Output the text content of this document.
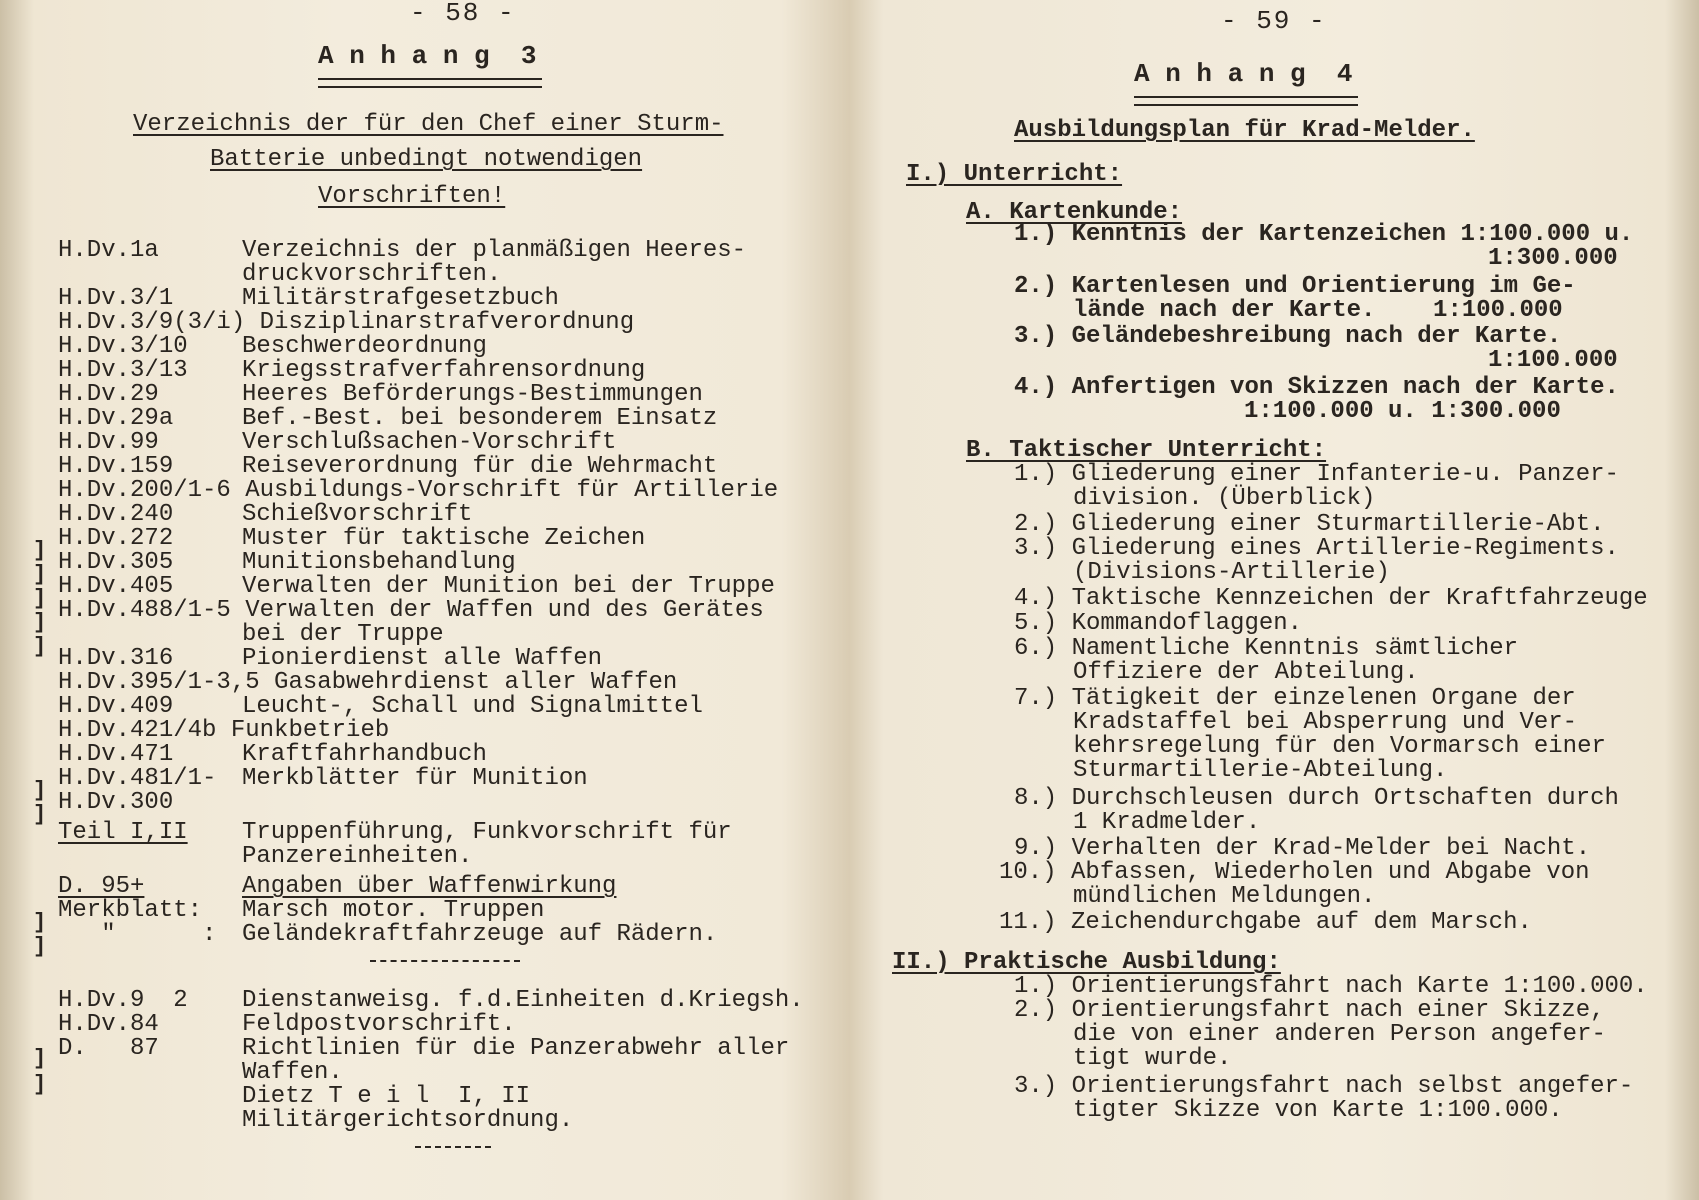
- 58 -
A n h a n g  3
Verzeichnis der für den Chef einer Sturm-
Batterie unbedingt notwendigen
Vorschriften!
H.Dv.1a	Verzeichnis der planmäßigen Heeres-
druckvorschriften.
H.Dv.3/1	Militärstrafgesetzbuch
H.Dv.3/9(3/i) Disziplinarstrafverordnung
H.Dv.3/10 Beschwerdeordnung
H.Dv.3/13 Kriegsstrafverfahrensordnung
H.Dv.29	Heeres Beförderungs-Bestimmungen
H.Dv.29a	Bef.-Best. bei besonderem Einsatz
H.Dv.99	Verschlußsachen-Vorschrift
H.Dv.159	Reiseverordnung für die Wehrmacht
H.Dv.200/1-6 Ausbildungs-Vorschrift für Artillerie
H.Dv.240	Schießvorschrift
H.Dv.272	Muster für taktische Zeichen
H.Dv.305	Munitionsbehandlung
H.Dv.405	Verwalten der Munition bei der Truppe
H.Dv.488/1-5 Verwalten der Waffen und des Gerätes
bei der Truppe
H.Dv.316	Pionierdienst alle Waffen
H.Dv.395/1-3,5 Gasabwehrdienst aller Waffen
H.Dv.409	Leucht-, Schall und Signalmittel
H.Dv.421/4b Funkbetrieb
H.Dv.471	Kraftfahrhandbuch
H.Dv.481/1- Merkblätter für Munition
H.Dv.300
Teil I,II Truppenführung, Funkvorschrift für
Panzereinheiten.
D. 95+	Angaben über Waffenwirkung
Merkblatt: Marsch motor. Truppen
"      : Geländekraftfahrzeuge auf Rädern.
H.Dv.9  2 Dienstanweisg. f.d.Einheiten d.Kriegsh.
H.Dv.84	Feldpostvorschrift.
D.   87	Richtlinien für die Panzerabwehr aller
Waffen.
Dietz T e i l  I, II
Militärgerichtsordnung.
]
]
]
]
]
]
]
]
]
]
]
- 59 -
A n h a n g  4
Ausbildungsplan für Krad-Melder.
I.) Unterricht:
A. Kartenkunde:
1.) Kenntnis der Kartenzeichen 1:100.000 u.
1:300.000
2.) Kartenlesen und Orientierung im Ge-
lände nach der Karte.    1:100.000
3.) Geländebeshreibung nach der Karte.
1:100.000
4.) Anfertigen von Skizzen nach der Karte.
1:100.000 u. 1:300.000
B. Taktischer Unterricht:
1.) Gliederung einer Infanterie-u. Panzer-
division. (Überblick)
2.) Gliederung einer Sturmartillerie-Abt.
3.) Gliederung eines Artillerie-Regiments.
(Divisions-Artillerie)
4.) Taktische Kennzeichen der Kraftfahrzeuge
5.) Kommandoflaggen.
6.) Namentliche Kenntnis sämtlicher
Offiziere der Abteilung.
7.) Tätigkeit der einzelenen Organe der
Kradstaffel bei Absperrung und Ver-
kehrsregelung für den Vormarsch einer
Sturmartillerie-Abteilung.
8.) Durchschleusen durch Ortschaften durch
1 Kradmelder.
9.) Verhalten der Krad-Melder bei Nacht.
10.) Abfassen, Wiederholen und Abgabe von
mündlichen Meldungen.
11.) Zeichendurchgabe auf dem Marsch.
II.) Praktische Ausbildung:
1.) Orientierungsfahrt nach Karte 1:100.000.
2.) Orientierungsfahrt nach einer Skizze,
die von einer anderen Person angefer-
tigt wurde.
3.) Orientierungsfahrt nach selbst angefer-
tigter Skizze von Karte 1:100.000.
